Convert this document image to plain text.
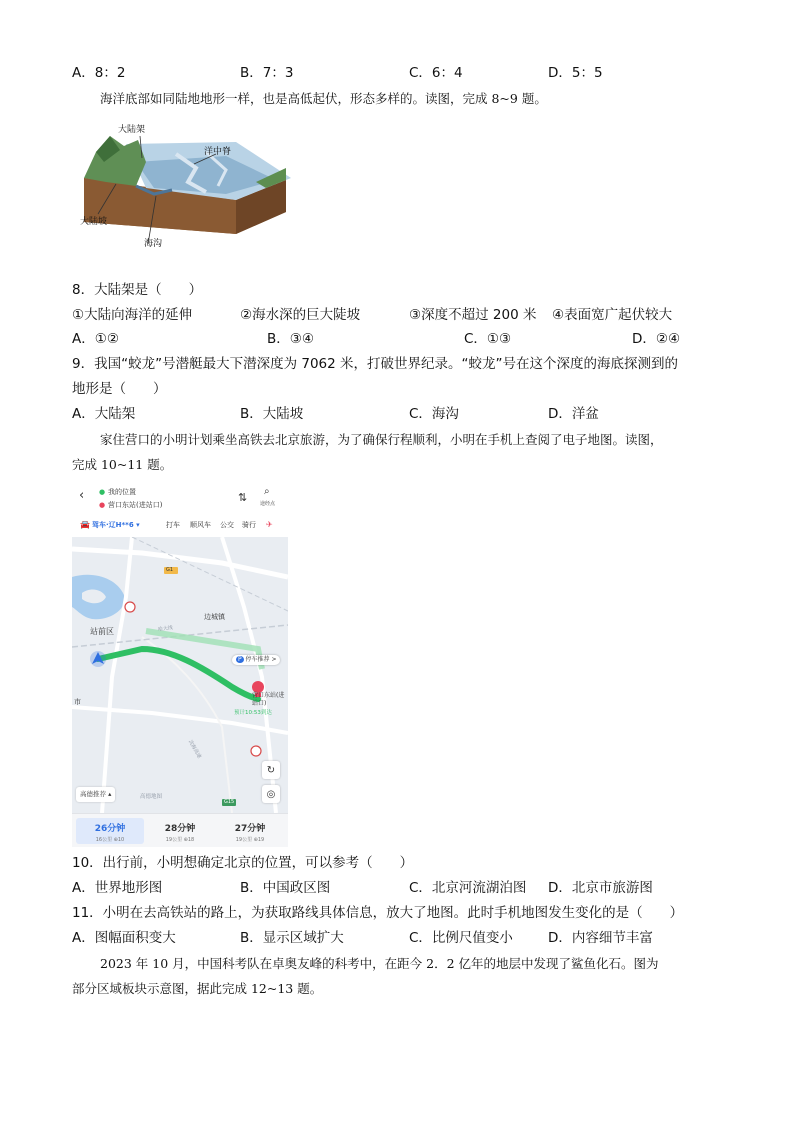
A．8：2	B．7：3	C．6：4	D．5：5
海洋底部如同陆地地形一样，也是高低起伏，形态多样的。读图，完成 8~9 题。
大陆架
洋中脊
大陆坡
海沟
8．大陆架是（　　）
①大陆向海洋的延伸	②海水深的巨大陡坡	③深度不超过 200 米 ④表面宽广起伏较大
A．①②	B．③④	C．①③	D．②④
9．我国“蛟龙”号潜艇最大下潜深度为 7062 米，打破世界纪录。“蛟龙”号在这个深度的海底探测到的
地形是（　　）
A．大陆架	B．大陆坡	C．海沟	D．洋盆
家住营口的小明计划乘坐高铁去北京旅游，为了确保行程顺利，小明在手机上查阅了电子地图。读图，
完成 10~11 题。
‹ ● 我的位置
● 营口东站(进站口)
⇅ ⌕
途经点
🚘 驾车·辽H**6 ▾	打车 顺风车 公交 骑行 ✈
边城镇
站前区
营口东站(进
站口)
预计10:53到达
P 停车推荐 >
市
G1
G15
哈大线
沈海高速
↻
◎
高德推荐 ▴	高德地图
26分钟
16公里 ⊕10
28分钟
19公里 ⊕18
27分钟
19公里 ⊕19
10．出行前，小明想确定北京的位置，可以参考（　　）
A．世界地形图	B．中国政区图	C．北京河流湖泊图 D．北京市旅游图
11．小明在去高铁站的路上，为获取路线具体信息，放大了地图。此时手机地图发生变化的是（　　）
A．图幅面积变大	B．显示区域扩大	C．比例尺值变小	D．内容细节丰富
2023 年 10 月，中国科考队在卓奥友峰的科考中，在距今 2．2 亿年的地层中发现了鲨鱼化石。图为
部分区域板块示意图，据此完成 12~13 题。
